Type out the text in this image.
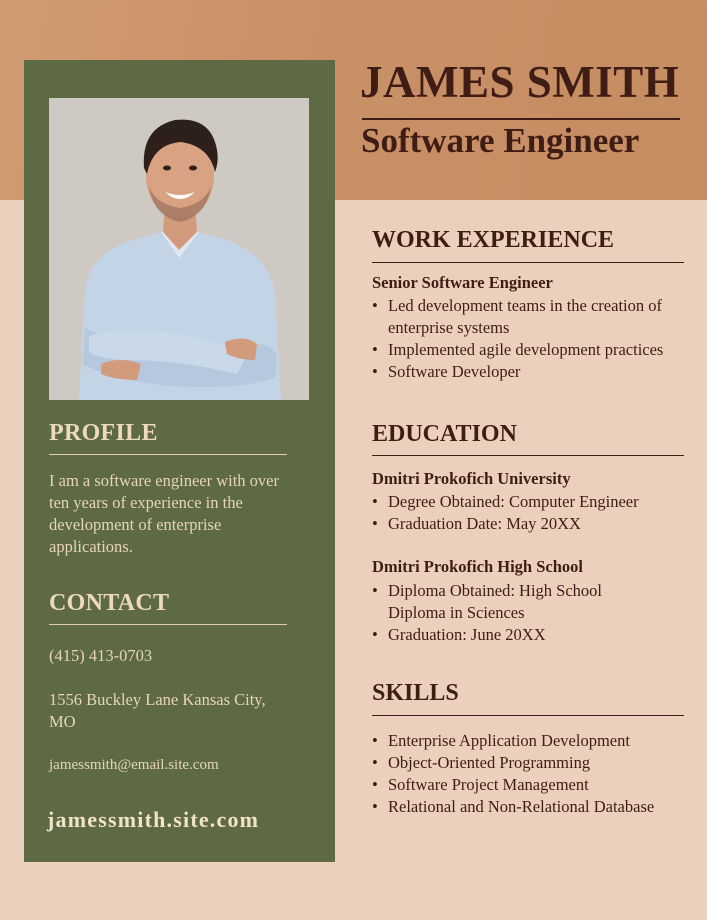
PROFILE
I am a software engineer with over ten years of experience in the development of enterprise applications.
CONTACT
(415) 413-0703
1556 Buckley Lane Kansas City, MO
jamessmith@email.site.com
jamessmith.site.com
JAMES SMITH
Software Engineer
WORK EXPERIENCE
Senior Software Engineer
• Led development teams in the creation of enterprise systems
• Implemented agile development practices
• Software Developer
EDUCATION
Dmitri Prokofich University
• Degree Obtained: Computer Engineer
• Graduation Date: May 20XX
Dmitri Prokofich High School
• Diploma Obtained: High School Diploma in Sciences
• Graduation: June 20XX
SKILLS
• Enterprise Application Development
• Object-Oriented Programming
• Software Project Management
• Relational and Non-Relational Database
